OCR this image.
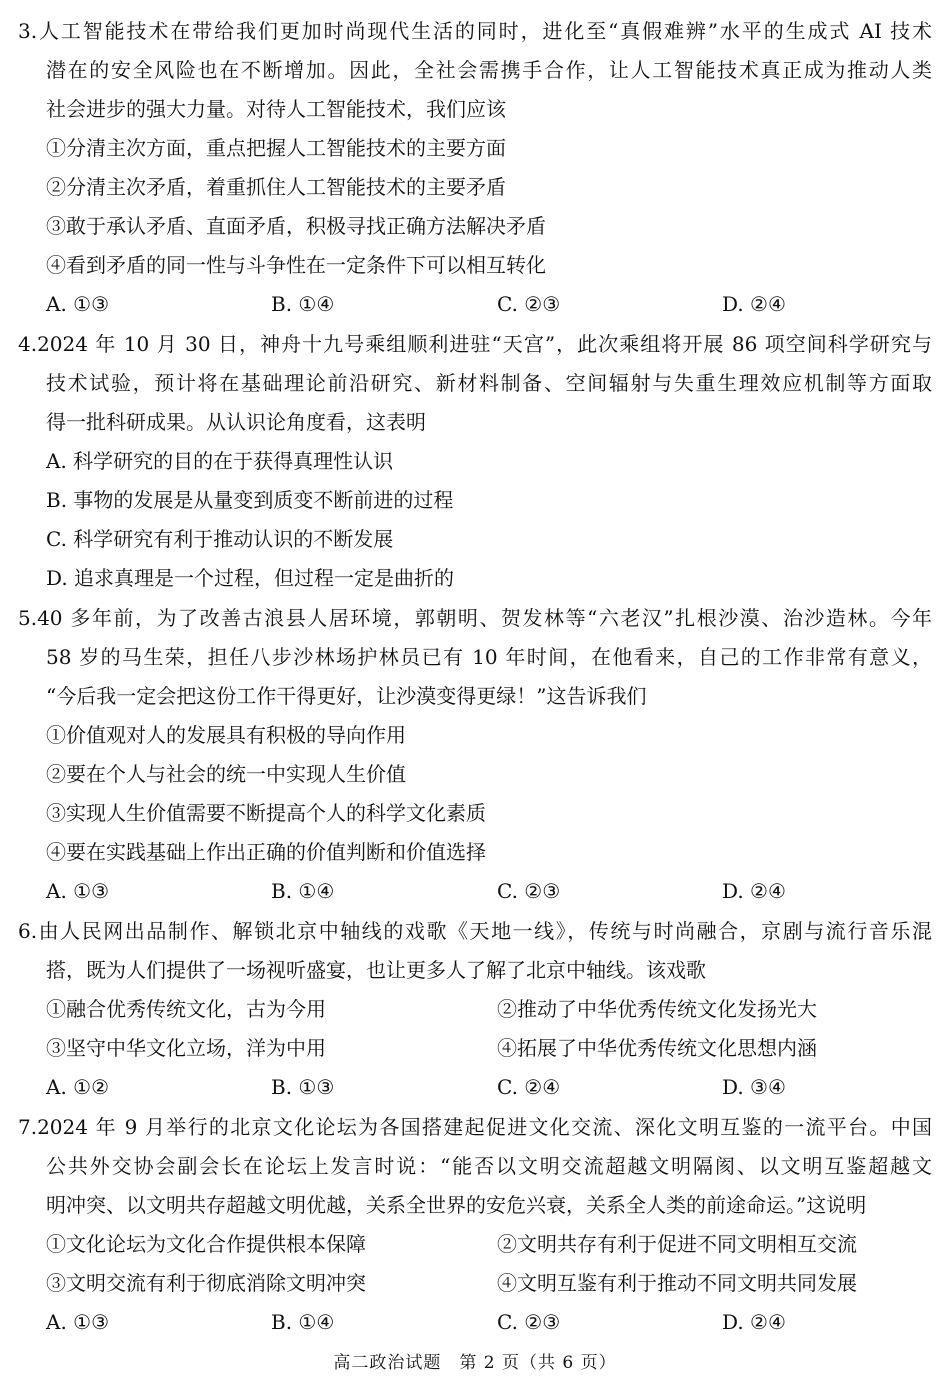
3.人工智能技术在带给我们更加时尚现代生活的同时，进化至“真假难辨”水平的生成式 AI 技术
潜在的安全风险也在不断增加。因此，全社会需携手合作，让人工智能技术真正成为推动人类
社会进步的强大力量。对待人工智能技术，我们应该
①分清主次方面，重点把握人工智能技术的主要方面
②分清主次矛盾，着重抓住人工智能技术的主要矛盾
③敢于承认矛盾、直面矛盾，积极寻找正确方法解决矛盾
④看到矛盾的同一性与斗争性在一定条件下可以相互转化
A. ①③	B. ①④	C. ②③	D. ②④
4.2024 年 10 月 30 日，神舟十九号乘组顺利进驻“天宫”，此次乘组将开展 86 项空间科学研究与
技术试验，预计将在基础理论前沿研究、新材料制备、空间辐射与失重生理效应机制等方面取
得一批科研成果。从认识论角度看，这表明
A. 科学研究的目的在于获得真理性认识
B. 事物的发展是从量变到质变不断前进的过程
C. 科学研究有利于推动认识的不断发展
D. 追求真理是一个过程，但过程一定是曲折的
5.40 多年前，为了改善古浪县人居环境，郭朝明、贺发林等“六老汉”扎根沙漠、治沙造林。今年
58 岁的马生荣，担任八步沙林场护林员已有 10 年时间，在他看来，自己的工作非常有意义，
“今后我一定会把这份工作干得更好，让沙漠变得更绿！”这告诉我们
①价值观对人的发展具有积极的导向作用
②要在个人与社会的统一中实现人生价值
③实现人生价值需要不断提高个人的科学文化素质
④要在实践基础上作出正确的价值判断和价值选择
A. ①③	B. ①④	C. ②③	D. ②④
6.由人民网出品制作、解锁北京中轴线的戏歌《天地一线》，传统与时尚融合，京剧与流行音乐混
搭，既为人们提供了一场视听盛宴，也让更多人了解了北京中轴线。该戏歌
①融合优秀传统文化，古为今用	②推动了中华优秀传统文化发扬光大
③坚守中华文化立场，洋为中用	④拓展了中华优秀传统文化思想内涵
A. ①②	B. ①③	C. ②④	D. ③④
7.2024 年 9 月举行的北京文化论坛为各国搭建起促进文化交流、深化文明互鉴的一流平台。中国
公共外交协会副会长在论坛上发言时说：“能否以文明交流超越文明隔阂、以文明互鉴超越文
明冲突、以文明共存超越文明优越，关系全世界的安危兴衰，关系全人类的前途命运。”这说明
①文化论坛为文化合作提供根本保障	②文明共存有利于促进不同文明相互交流
③文明交流有利于彻底消除文明冲突	④文明互鉴有利于推动不同文明共同发展
A. ①③	B. ①④	C. ②③	D. ②④
高二政治试题　第 2 页（共 6 页）
